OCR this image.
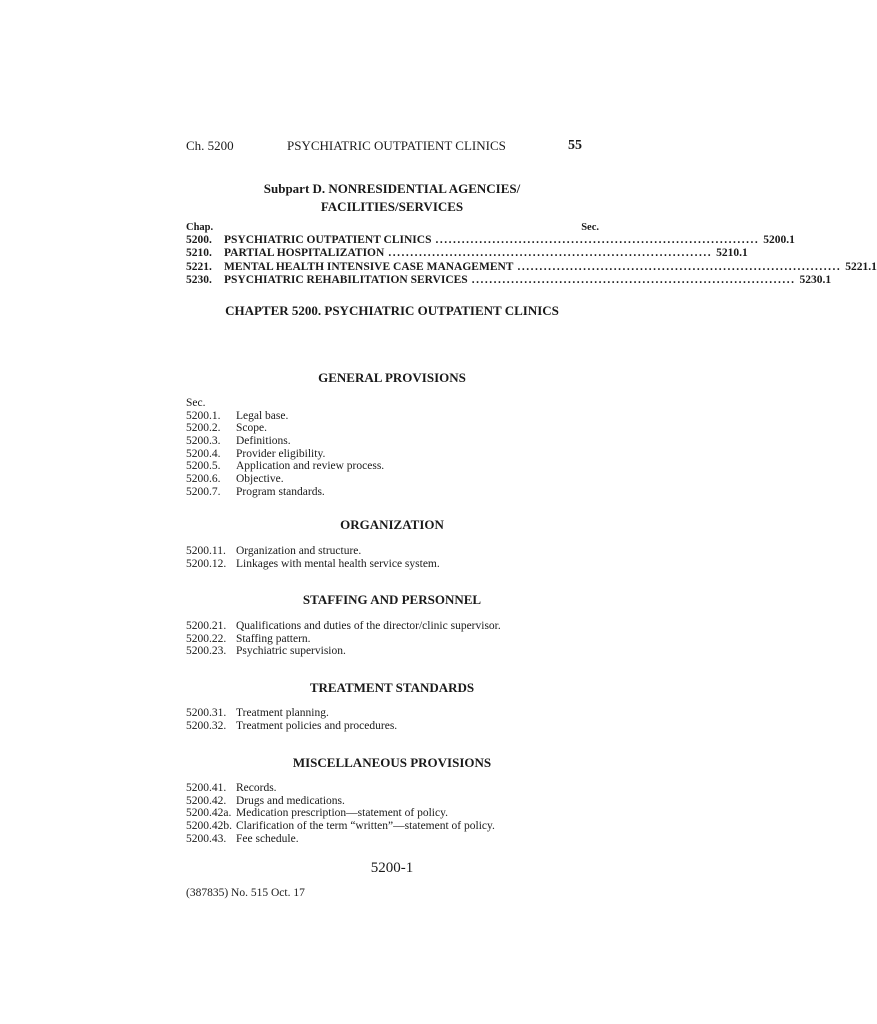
Ch. 5200	PSYCHIATRIC OUTPATIENT CLINICS	55
Subpart D. NONRESIDENTIAL AGENCIES/
FACILITIES/SERVICES
Chap.	Sec.
5200.	PSYCHIATRIC OUTPATIENT CLINICS .......................................................................... 5200.1
5210.	PARTIAL HOSPITALIZATION .......................................................................... 5210.1
5221.	MENTAL HEALTH INTENSIVE CASE MANAGEMENT .......................................................................... 5221.1
5230.	PSYCHIATRIC REHABILITATION SERVICES .......................................................................... 5230.1
CHAPTER 5200. PSYCHIATRIC OUTPATIENT CLINICS
GENERAL PROVISIONS
Sec.
5200.1.	Legal base.
5200.2.	Scope.
5200.3.	Definitions.
5200.4.	Provider eligibility.
5200.5.	Application and review process.
5200.6.	Objective.
5200.7.	Program standards.
ORGANIZATION
5200.11. Organization and structure.
5200.12. Linkages with mental health service system.
STAFFING AND PERSONNEL
5200.21. Qualifications and duties of the director/clinic supervisor.
5200.22. Staffing pattern.
5200.23. Psychiatric supervision.
TREATMENT STANDARDS
5200.31. Treatment planning.
5200.32. Treatment policies and procedures.
MISCELLANEOUS PROVISIONS
5200.41. Records.
5200.42. Drugs and medications.
5200.42a. Medication prescription—statement of policy.
5200.42b. Clarification of the term “written”—statement of policy.
5200.43. Fee schedule.
5200-1
(387835) No. 515 Oct. 17
